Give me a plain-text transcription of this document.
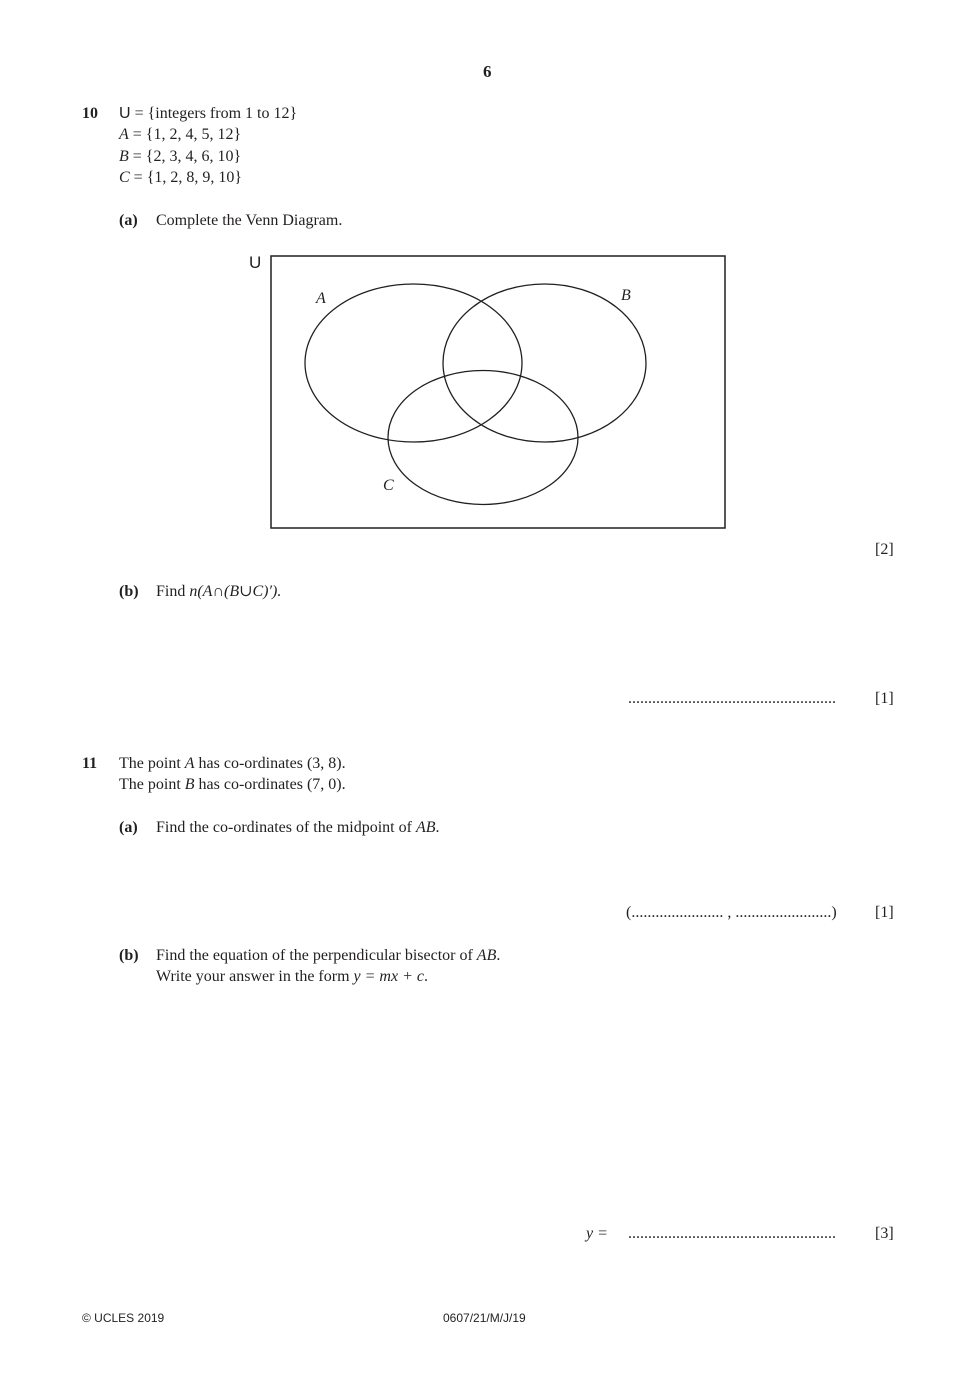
6
10 U = {integers from 1 to 12}
A = {1, 2, 4, 5, 12}
B = {2, 3, 4, 6, 10}
C = {1, 2, 8, 9, 10}
(a) Complete the Venn Diagram.
U
A	B
C
[2]
(b) Find n(A∩(B∪C)′).
.................................................... [1]
11 The point A has co-ordinates (3, 8).
The point B has co-ordinates (7, 0).
(a) Find the co-ordinates of the midpoint of AB.
(....................... , ........................) [1]
(b) Find the equation of the perpendicular bisector of AB.
Write your answer in the form y = mx + c.
y = .................................................... [3]
© UCLES 2019	0607/21/M/J/19
